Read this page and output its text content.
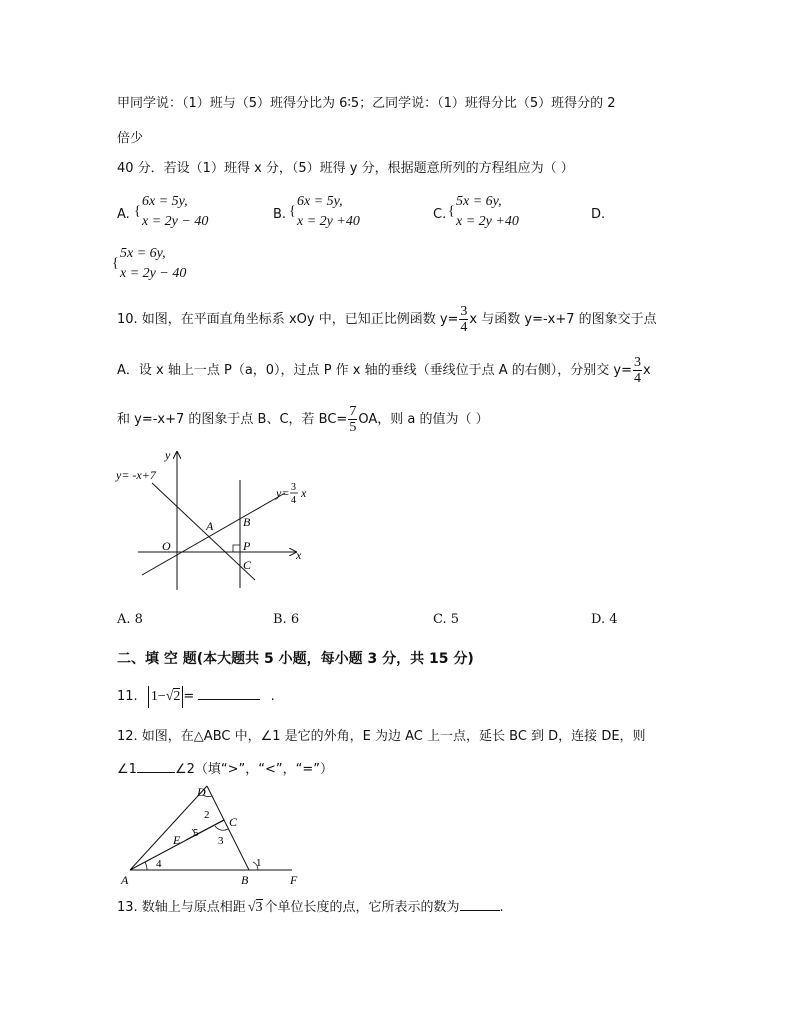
甲同学说：（1）班与（5）班得分比为 6∶5；乙同学说：（1）班得分比（5）班得分的 2
倍少
40 分．若设（1）班得 x 分，（5）班得 y 分，根据题意所列的方程组应为（ ）
A. {
6x = 5y,
x = 2y − 40	B. {
6x = 5y,
x = 2y +40	C. {
5x = 6y,
x = 2y +40	D.
{
5x = 6y,
x = 2y − 40
10. 如图，在平面直角坐标系 xOy 中，已知正比例函数 $y= \frac{3}{4}$ x 与函数 y=-x+7 的图象交于点
A．设 x 轴上一点 P（a，0），过点 P 作 x 轴的垂线（垂线位于点 A 的右侧），分别交 $y= \frac{3}{4}$ x
和 y=-x+7 的图象于点 B、C，若 $BC= \frac{7}{5}$ OA，则 a 的值为（ ）
y= -x+7
y= 3
4
x
y
x
O
A B
P
C
A. 8	B. 6	C. 5	D. 4
二、填 空 题(本大题共 5 小题，每小题 3 分，共 15 分)
11. 1−√2 =	.
12. 如图，在△ABC 中，∠1 是它的外角，E 为边 AC 上一点，延长 BC 到 D，连接 DE，则
∠1	∠2（填“>”，“<”，“=”）
A	B	F
D
C
E
1
2
3
4
5
13. 数轴上与原点相距 √3 个单位长度的点，它所表示的数为	.
